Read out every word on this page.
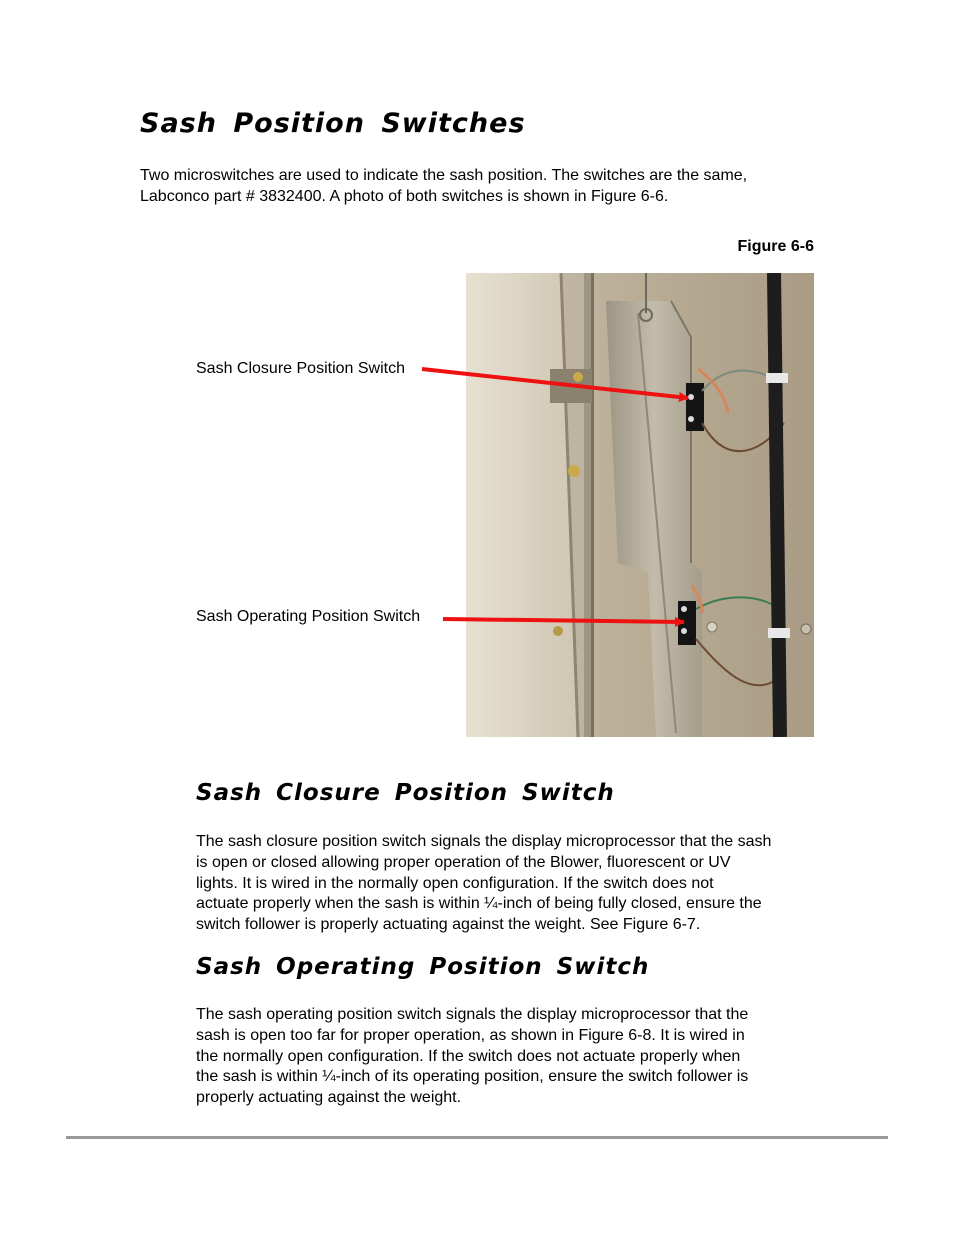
Sash Position Switches

Two microswitches are used to indicate the sash position. The switches are the same,
Labconco part # 3832400. A photo of both switches is shown in Figure 6-6.

Figure 6-6

Sash Closure Position Switch

Sash Operating Position Switch

Sash Closure Position Switch

The sash closure position switch signals the display microprocessor that the sash
is open or closed allowing proper operation of the Blower, fluorescent or UV
lights. It is wired in the normally open configuration. If the switch does not
actuate properly when the sash is within ¼-inch of being fully closed, ensure the
switch follower is properly actuating against the weight. See Figure 6-7.

Sash Operating Position Switch

The sash operating position switch signals the display microprocessor that the
sash is open too far for proper operation, as shown in Figure 6-8. It is wired in
the normally open configuration. If the switch does not actuate properly when
the sash is within ¼-inch of its operating position, ensure the switch follower is
properly actuating against the weight.
